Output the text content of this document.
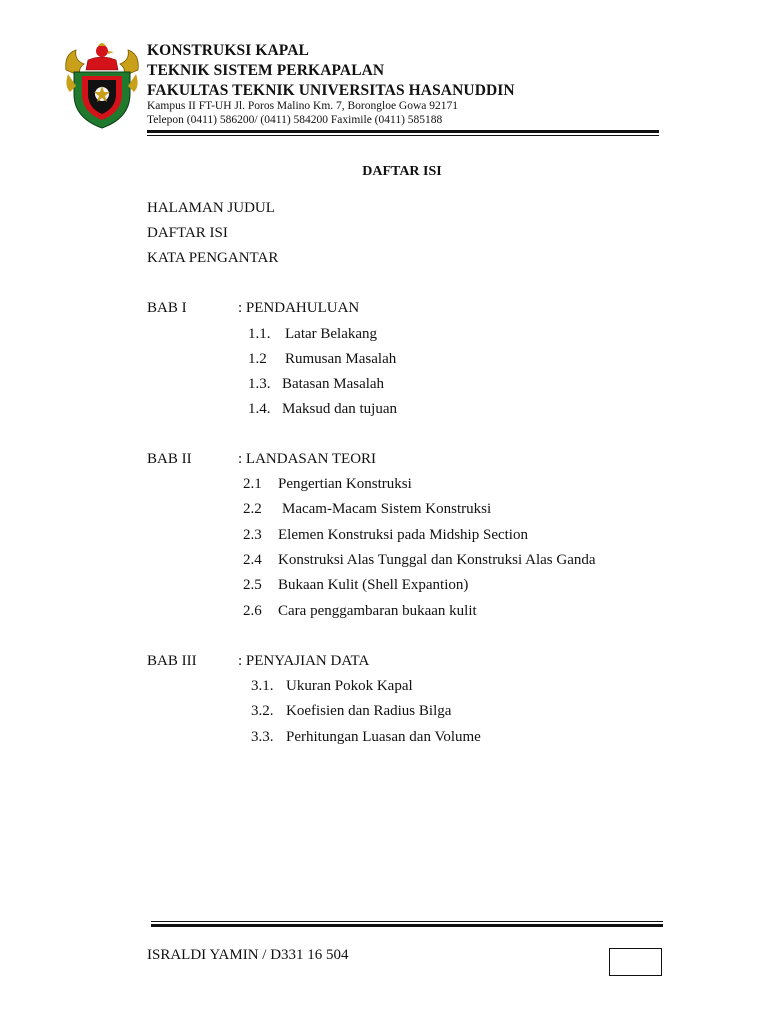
KONSTRUKSI KAPAL
TEKNIK SISTEM PERKAPALAN
FAKULTAS TEKNIK UNIVERSITAS HASANUDDIN
Kampus II FT-UH Jl. Poros Malino Km. 7, Borongloe Gowa 92171
Telepon (0411) 586200/ (0411) 584200 Faximile (0411) 585188
DAFTAR ISI
HALAMAN JUDUL
DAFTAR ISI
KATA PENGANTAR
BAB I	: PENDAHULUAN
1.1. Latar Belakang
1.2 Rumusan Masalah
1.3. Batasan Masalah
1.4. Maksud dan tujuan
BAB II	: LANDASAN TEORI
2.1 Pengertian Konstruksi
2.2 Macam-Macam Sistem Konstruksi
2.3 Elemen Konstruksi pada Midship Section
2.4 Konstruksi Alas Tunggal dan Konstruksi Alas Ganda
2.5 Bukaan Kulit (Shell Expantion)
2.6 Cara penggambaran bukaan kulit
BAB III	: PENYAJIAN DATA
3.1. Ukuran Pokok Kapal
3.2. Koefisien dan Radius Bilga
3.3. Perhitungan Luasan dan Volume
ISRALDI YAMIN / D331 16 504
